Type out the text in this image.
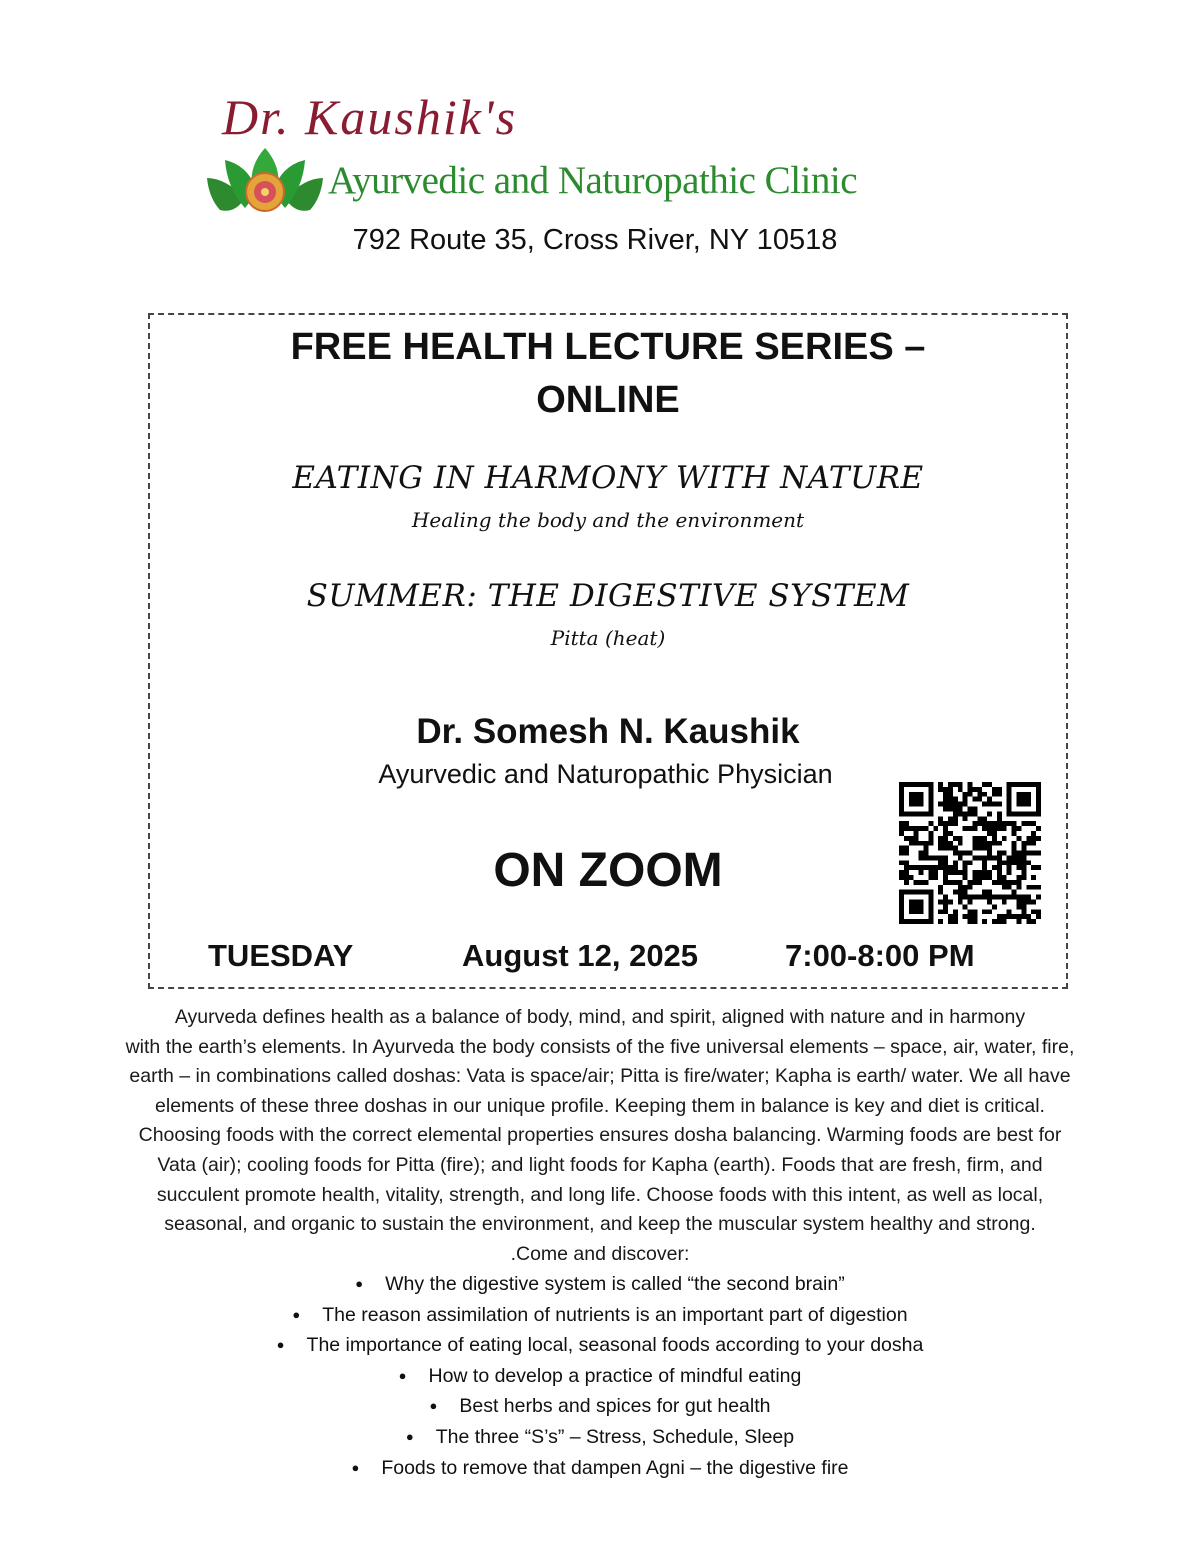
Dr. Kaushik's
Ayurvedic and Naturopathic Clinic
792 Route 35, Cross River, NY 10518
FREE HEALTH LECTURE SERIES –
ONLINE
EATING IN HARMONY WITH NATURE
Healing the body and the environment
SUMMER: THE DIGESTIVE SYSTEM
Pitta (heat)
Dr. Somesh N. Kaushik
Ayurvedic and Naturopathic Physician
ON ZOOM
TUESDAY	August 12, 2025	7:00-8:00 PM
Ayurveda defines health as a balance of body, mind, and spirit, aligned with nature and in harmony
with the earth’s elements. In Ayurveda the body consists of the five universal elements – space, air, water, fire,
earth – in combinations called doshas: Vata is space/air; Pitta is fire/water; Kapha is earth/ water. We all have
elements of these three doshas in our unique profile. Keeping them in balance is key and diet is critical.
Choosing foods with the correct elemental properties ensures dosha balancing. Warming foods are best for
Vata (air); cooling foods for Pitta (fire); and light foods for Kapha (earth). Foods that are fresh, firm, and
succulent promote health, vitality, strength, and long life. Choose foods with this intent, as well as local,
seasonal, and organic to sustain the environment, and keep the muscular system healthy and strong.
.Come and discover:
● Why the digestive system is called “the second brain”
● The reason assimilation of nutrients is an important part of digestion
● The importance of eating local, seasonal foods according to your dosha
● How to develop a practice of mindful eating
● Best herbs and spices for gut health
● The three “S’s” – Stress, Schedule, Sleep
● Foods to remove that dampen Agni – the digestive fire
